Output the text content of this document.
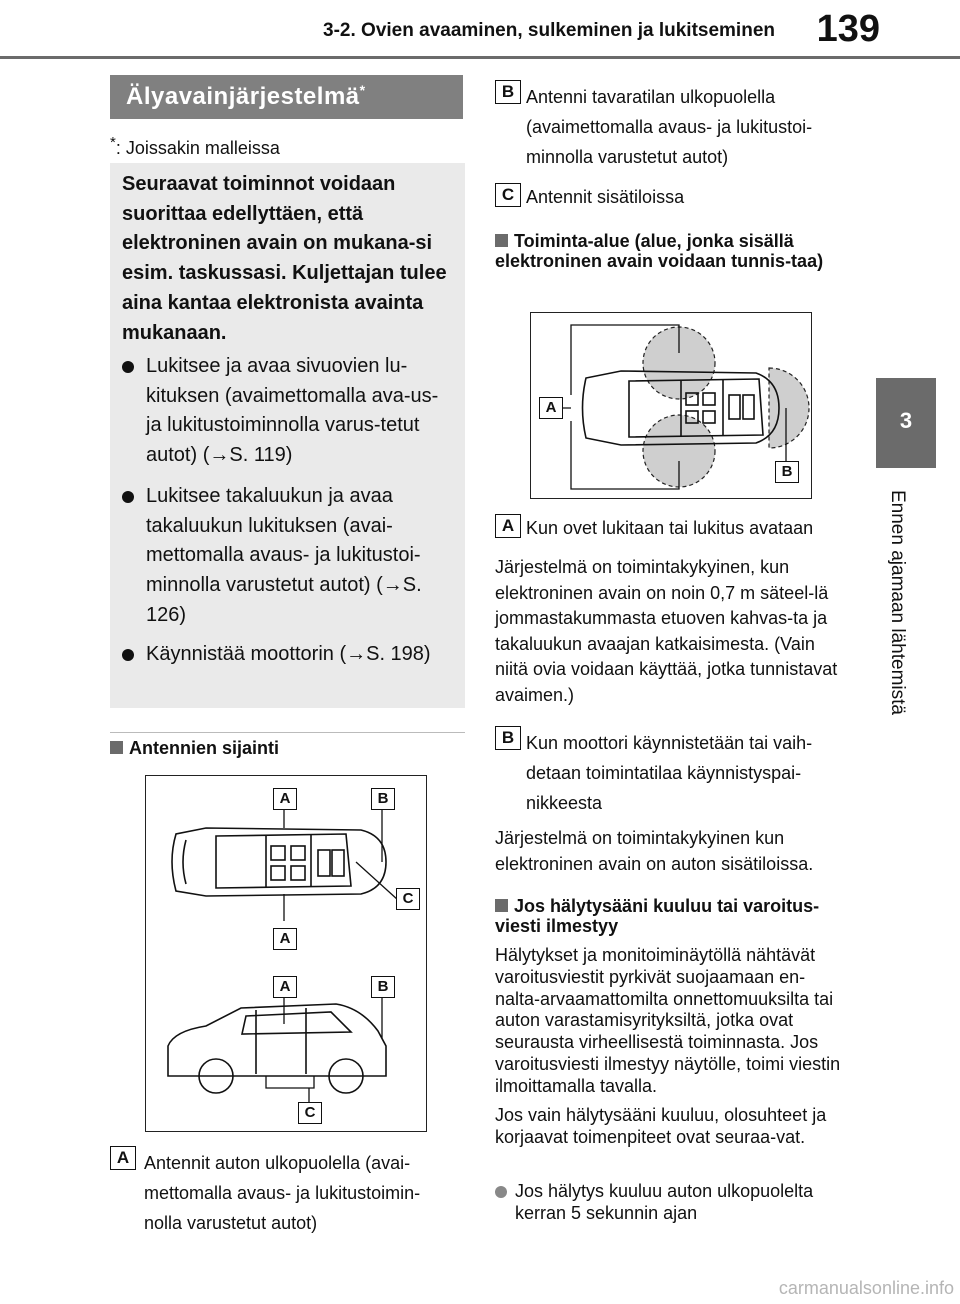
3-2. Ovien avaaminen, sulkeminen ja lukitseminen 139
3
Ennen ajamaan lähtemistä
Älyavainjärjestelmä*
*: Joissakin malleissa
Seuraavat toiminnot voidaan suorittaa edellyttäen, että elektroninen avain on mukana-si esim. taskussasi. Kuljettajan tulee aina kantaa elektronista avainta mukanaan.
Lukitsee ja avaa sivuovien lu-kituksen (avaimettomalla ava-us- ja lukitustoiminnolla varus-tetut autot) (→S. 119)
Lukitsee takaluukun ja avaa takaluukun lukituksen (avai-mettomalla avaus- ja lukitustoi-minnolla varustetut autot) (→S. 126)
Käynnistää moottorin (→S. 198)
Antennien sijainti
A	B
C
A
A	B
C
A Antennit auton ulkopuolella (avai-mettomalla avaus- ja lukitustoimin-nolla varustetut autot)
B Antenni tavaratilan ulkopuolella (avaimettomalla avaus- ja lukitustoi-minnolla varustetut autot)
C Antennit sisätiloissa
Toiminta-alue (alue, jonka sisällä elektroninen avain voidaan tunnis-taa)
A
B
A Kun ovet lukitaan tai lukitus avataan
Järjestelmä on toimintakykyinen, kun elektroninen avain on noin 0,7 m säteel-lä jommastakummasta etuoven kahvas-ta ja takaluukun avaajan katkaisimesta. (Vain niitä ovia voidaan käyttää, jotka tunnistavat avaimen.)
B Kun moottori käynnistetään tai vaih-detaan toimintatilaa käynnistyspai-nikkeesta
Järjestelmä on toimintakykyinen kun elektroninen avain on auton sisätiloissa.
Jos hälytysääni kuuluu tai varoitus-viesti ilmestyy
Hälytykset ja monitoiminäytöllä nähtävät varoitusviestit pyrkivät suojaamaan en-nalta-arvaamattomilta onnettomuuksilta tai auton varastamisyrityksiltä, jotka ovat seurausta virheellisestä toiminnasta. Jos varoitusviesti ilmestyy näytölle, toimi viestin ilmoittamalla tavalla.
Jos vain hälytysääni kuuluu, olosuhteet ja korjaavat toimenpiteet ovat seuraa-vat.
Jos hälytys kuuluu auton ulkopuolelta kerran 5 sekunnin ajan
carmanualsonline.info
